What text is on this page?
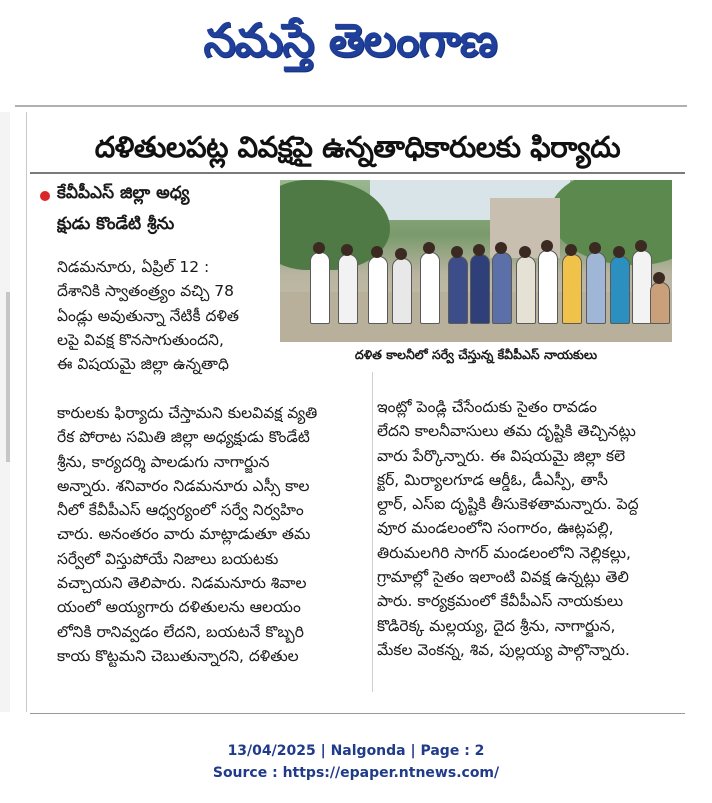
నమస్తే తెలంగాణ
దళితులపట్ల వివక్షపై ఉన్నతాధికారులకు ఫిర్యాదు
కేవీపీఎస్ జిల్లా అధ్య
క్షుడు కొండేటి శ్రీను
దళిత కాలనీలో సర్వే చేస్తున్న కేవీపీఎస్ నాయకులు
నిడమనూరు, ఏప్రిల్ 12 :
దేశానికి స్వాతంత్ర్యం వచ్చి 78
ఏండ్లు అవుతున్నా నేటికీ దళిత
లపై వివక్ష కొనసాగుతుందని,
ఈ విషయమై జిల్లా ఉన్నతాధి
కారులకు ఫిర్యాదు చేస్తామని కులవివక్ష వ్యతి
రేక పోరాట సమితి జిల్లా అధ్యక్షుడు కొండేటి
శ్రీను, కార్యదర్శి పాలడుగు నాగార్జున
అన్నారు. శనివారం నిడమనూరు ఎస్సీ కాల
నీలో కేవీపీఎస్ ఆధ్వర్యంలో సర్వే నిర్వహిం
చారు. అనంతరం వారు మాట్లాడుతూ తమ
సర్వేలో విస్తుపోయే నిజాలు బయటకు
వచ్చాయని తెలిపారు. నిడమనూరు శివాల
యంలో అయ్యగారు దళితులను ఆలయం
లోనికి రానివ్వడం లేదని, బయటనే కొబ్బరి
కాయ కొట్టమని చెబుతున్నారని, దళితుల
ఇంట్లో పెండ్లి చేసేందుకు సైతం రావడం
లేదని కాలనీవాసులు తమ దృష్టికి తెచ్చినట్లు
వారు పేర్కొన్నారు. ఈ విషయమై జిల్లా కలె
క్టర్, మిర్యాలగూడ ఆర్డీఓ, డీఎస్పీ, తాసీ
ల్దార్, ఎస్ఐ దృష్టికి తీసుకెళతామన్నారు. పెద్ద
వూర మండలంలోని సంగారం, ఊట్లపల్లి,
తిరుమలగిరి సాగర్ మండలంలోని నెల్లికల్లు,
గ్రామాల్లో సైతం ఇలాంటి వివక్ష ఉన్నట్లు తెలి
పారు. కార్యక్రమంలో కేవీపీఎస్ నాయకులు
కొడిరెక్క మల్లయ్య, దైద శ్రీను, నాగార్జున,
మేకల వెంకన్న, శివ, పుల్లయ్య పాల్గొన్నారు.
13/04/2025 | Nalgonda | Page : 2
Source : https://epaper.ntnews.com/
